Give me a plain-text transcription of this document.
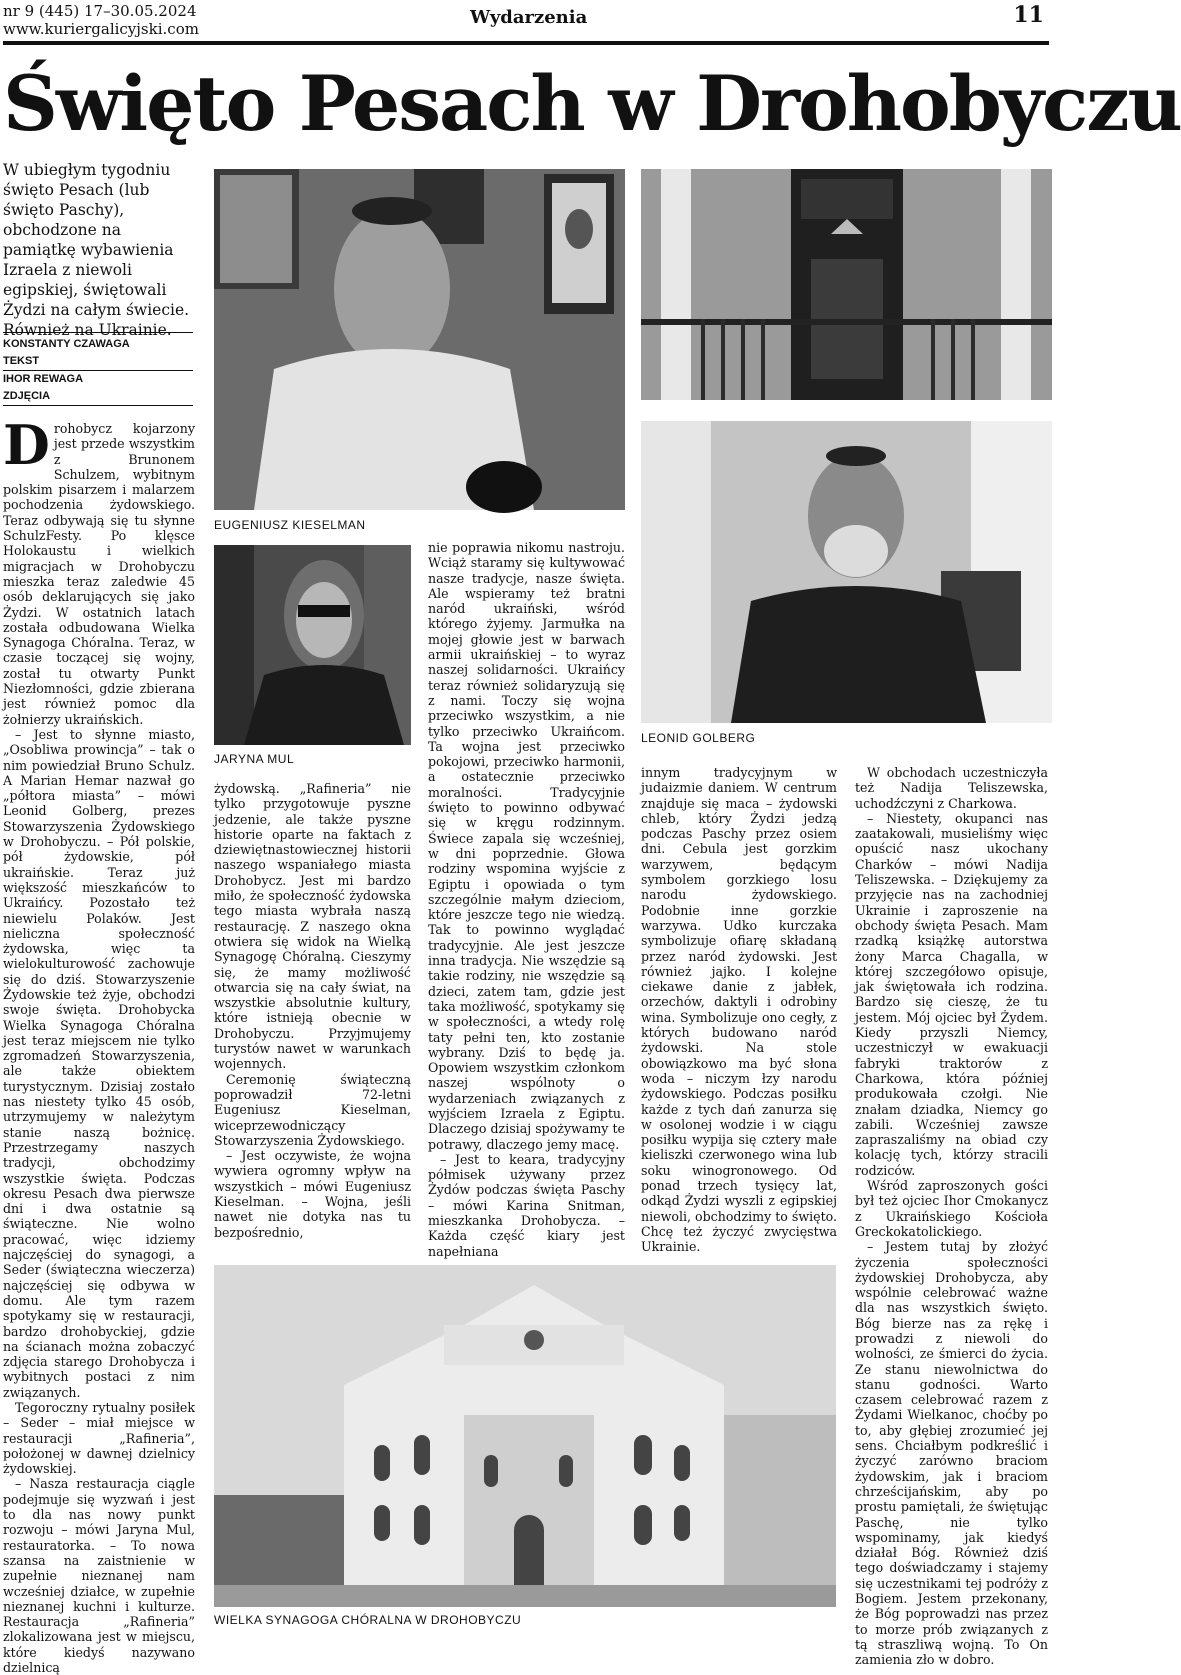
nr 9 (445) 17–30.05.2024
www.kuriergalicyjski.com
Wydarzenia	11
Święto Pesach w Drohobyczu
W ubiegłym tygodniu święto Pesach (lub święto Paschy), obchodzone na pamiątkę wybawienia Izraela z niewoli egipskiej, świętowali Żydzi na całym świecie. Również na Ukrainie.
KONSTANTY CZAWAGA
TEKST
IHOR REWAGA
ZDJĘCIA
EUGENIUSZ KIESELMAN
LEONID GOLBERG
JARYNA MUL
WIELKA SYNAGOGA CHÓRALNA W DROHOBYCZU

Drohobycz kojarzony jest przede wszystkim z Brunonem Schulzem, wybitnym polskim pisarzem i malarzem pochodzenia żydowskiego. Teraz odbywają się tu słynne SchulzFesty. Po klęsce Holokaustu i wielkich migracjach w Drohobyczu mieszka teraz zaledwie 45 osób deklarujących się jako Żydzi. W ostatnich latach została odbudowana Wielka Synagoga Chóralna. Teraz, w czasie toczącej się wojny, został tu otwarty Punkt Niezłomności, gdzie zbierana jest również pomoc dla żołnierzy ukraińskich.

– Jest to słynne miasto, „Osobliwa prowincja” – tak o nim powiedział Bruno Schulz. A Marian Hemar nazwał go „półtora miasta” – mówi Leonid Golberg, prezes Stowarzyszenia Żydowskiego w Drohobyczu. – Pół polskie, pół żydowskie, pół ukraińskie. Teraz już większość mieszkańców to Ukraińcy. Pozostało też niewielu Polaków. Jest nieliczna społeczność żydowska, więc ta wielokulturowość zachowuje się do dziś. Stowarzyszenie Żydowskie też żyje, obchodzi swoje święta. Drohobycka Wielka Synagoga Chóralna jest teraz miejscem nie tylko zgromadzeń Stowarzyszenia, ale także obiektem turystycznym. Dzisiaj zostało nas niestety tylko 45 osób, utrzymujemy w należytym stanie naszą bożnicę. Przestrzegamy naszych tradycji, obchodzimy wszystkie święta. Podczas okresu Pesach dwa pierwsze dni i dwa ostatnie są świąteczne. Nie wolno pracować, więc idziemy najczęściej do synagogi, a Seder (świąteczna wieczerza) najczęściej się odbywa w domu. Ale tym razem spotykamy się w restauracji, bardzo drohobyckiej, gdzie na ścianach można zobaczyć zdjęcia starego Drohobycza i wybitnych postaci z nim związanych.

Tegoroczny rytualny posiłek – Seder – miał miejsce w restauracji „Rafineria”, położonej w dawnej dzielnicy żydowskiej.

– Nasza restauracja ciągle podejmuje się wyzwań i jest to dla nas nowy punkt rozwoju – mówi Jaryna Mul, restauratorka. – To nowa szansa na zaistnienie w zupełnie nieznanej nam wcześniej działce, w zupełnie nieznanej kuchni i kulturze. Restauracja „Rafineria” zlokalizowana jest w miejscu, które kiedyś nazywano dzielnicą

żydowską. „Rafineria” nie tylko przygotowuje pyszne jedzenie, ale także pyszne historie oparte na faktach z dziewiętnastowiecznej historii naszego wspaniałego miasta Drohobycz. Jest mi bardzo miło, że społeczność żydowska tego miasta wybrała naszą restaurację. Z naszego okna otwiera się widok na Wielką Synagogę Chóralną. Cieszymy się, że mamy możliwość otwarcia się na cały świat, na wszystkie absolutnie kultury, które istnieją obecnie w Drohobyczu. Przyjmujemy turystów nawet w warunkach wojennych.

Ceremonię świąteczną poprowadził 72-letni Eugeniusz Kieselman, wiceprzewodniczący Stowarzyszenia Żydowskiego.

– Jest oczywiste, że wojna wywiera ogromny wpływ na wszystkich – mówi Eugeniusz Kieselman. – Wojna, jeśli nawet nie dotyka nas tu bezpośrednio,

nie poprawia nikomu nastroju. Wciąż staramy się kultywować nasze tradycje, nasze święta. Ale wspieramy też bratni naród ukraiński, wśród którego żyjemy. Jarmułka na mojej głowie jest w barwach armii ukraińskiej – to wyraz naszej solidarności. Ukraińcy teraz również solidaryzują się z nami. Toczy się wojna przeciwko wszystkim, a nie tylko przeciwko Ukraińcom. Ta wojna jest przeciwko pokojowi, przeciwko harmonii, a ostatecznie przeciwko moralności. Tradycyjnie święto to powinno odbywać się w kręgu rodzinnym. Świece zapala się wcześniej, w dni poprzednie. Głowa rodziny wspomina wyjście z Egiptu i opowiada o tym szczególnie małym dzieciom, które jeszcze tego nie wiedzą. Tak to powinno wyglądać tradycyjnie. Ale jest jeszcze inna tradycja. Nie wszędzie są takie rodziny, nie wszędzie są dzieci, zatem tam, gdzie jest taka możliwość, spotykamy się w społeczności, a wtedy rolę taty pełni ten, kto zostanie wybrany. Dziś to będę ja. Opowiem wszystkim członkom naszej wspólnoty o wydarzeniach związanych z wyjściem Izraela z Egiptu. Dlaczego dzisiaj spożywamy te potrawy, dlaczego jemy macę.

– Jest to keara, tradycyjny półmisek używany przez Żydów podczas święta Paschy – mówi Karina Snitman, mieszkanka Drohobycza. – Każda część kiary jest napełniana

innym tradycyjnym w judaizmie daniem. W centrum znajduje się maca – żydowski chleb, który Żydzi jedzą podczas Paschy przez osiem dni. Cebula jest gorzkim warzywem, będącym symbolem gorzkiego losu narodu żydowskiego. Podobnie inne gorzkie warzywa. Udko kurczaka symbolizuje ofiarę składaną przez naród żydowski. Jest również jajko. I kolejne ciekawe danie z jabłek, orzechów, daktyli i odrobiny wina. Symbolizuje ono cegły, z których budowano naród żydowski. Na stole obowiązkowo ma być słona woda – niczym łzy narodu żydowskiego. Podczas posiłku każde z tych dań zanurza się w osolonej wodzie i w ciągu posiłku wypija się cztery małe kieliszki czerwonego wina lub soku winogronowego. Od ponad trzech tysięcy lat, odkąd Żydzi wyszli z egipskiej niewoli, obchodzimy to święto. Chcę też życzyć zwycięstwa Ukrainie.

W obchodach uczestniczyła też Nadija Teliszewska, uchodźczyni z Charkowa.

– Niestety, okupanci nas zaatakowali, musieliśmy więc opuścić nasz ukochany Charków – mówi Nadija Teliszewska. – Dziękujemy za przyjęcie nas na zachodniej Ukrainie i zaproszenie na obchody święta Pesach. Mam rzadką książkę autorstwa żony Marca Chagalla, w której szczegółowo opisuje, jak świętowała ich rodzina. Bardzo się cieszę, że tu jestem. Mój ojciec był Żydem. Kiedy przyszli Niemcy, uczestniczył w ewakuacji fabryki traktorów z Charkowa, która później produkowała czołgi. Nie znałam dziadka, Niemcy go zabili. Wcześniej zawsze zapraszaliśmy na obiad czy kolację tych, którzy stracili rodziców.

Wśród zaproszonych gości był też ojciec Ihor Cmokanycz z Ukraińskiego Kościoła Greckokatolickiego.

– Jestem tutaj by złożyć życzenia społeczności żydowskiej Drohobycza, aby wspólnie celebrować ważne dla nas wszystkich święto. Bóg bierze nas za rękę i prowadzi z niewoli do wolności, ze śmierci do życia. Ze stanu niewolnictwa do stanu godności. Warto czasem celebrować razem z Żydami Wielkanoc, choćby po to, aby głębiej zrozumieć jej sens. Chciałbym podkreślić i życzyć zarówno braciom żydowskim, jak i braciom chrześcijańskim, aby po prostu pamiętali, że świętując Paschę, nie tylko wspominamy, jak kiedyś działał Bóg. Również dziś tego doświadczamy i stajemy się uczestnikami tej podróży z Bogiem. Jestem przekonany, że Bóg poprowadzi nas przez to morze prób związanych z tą straszliwą wojną. To On zamienia zło w dobro.
